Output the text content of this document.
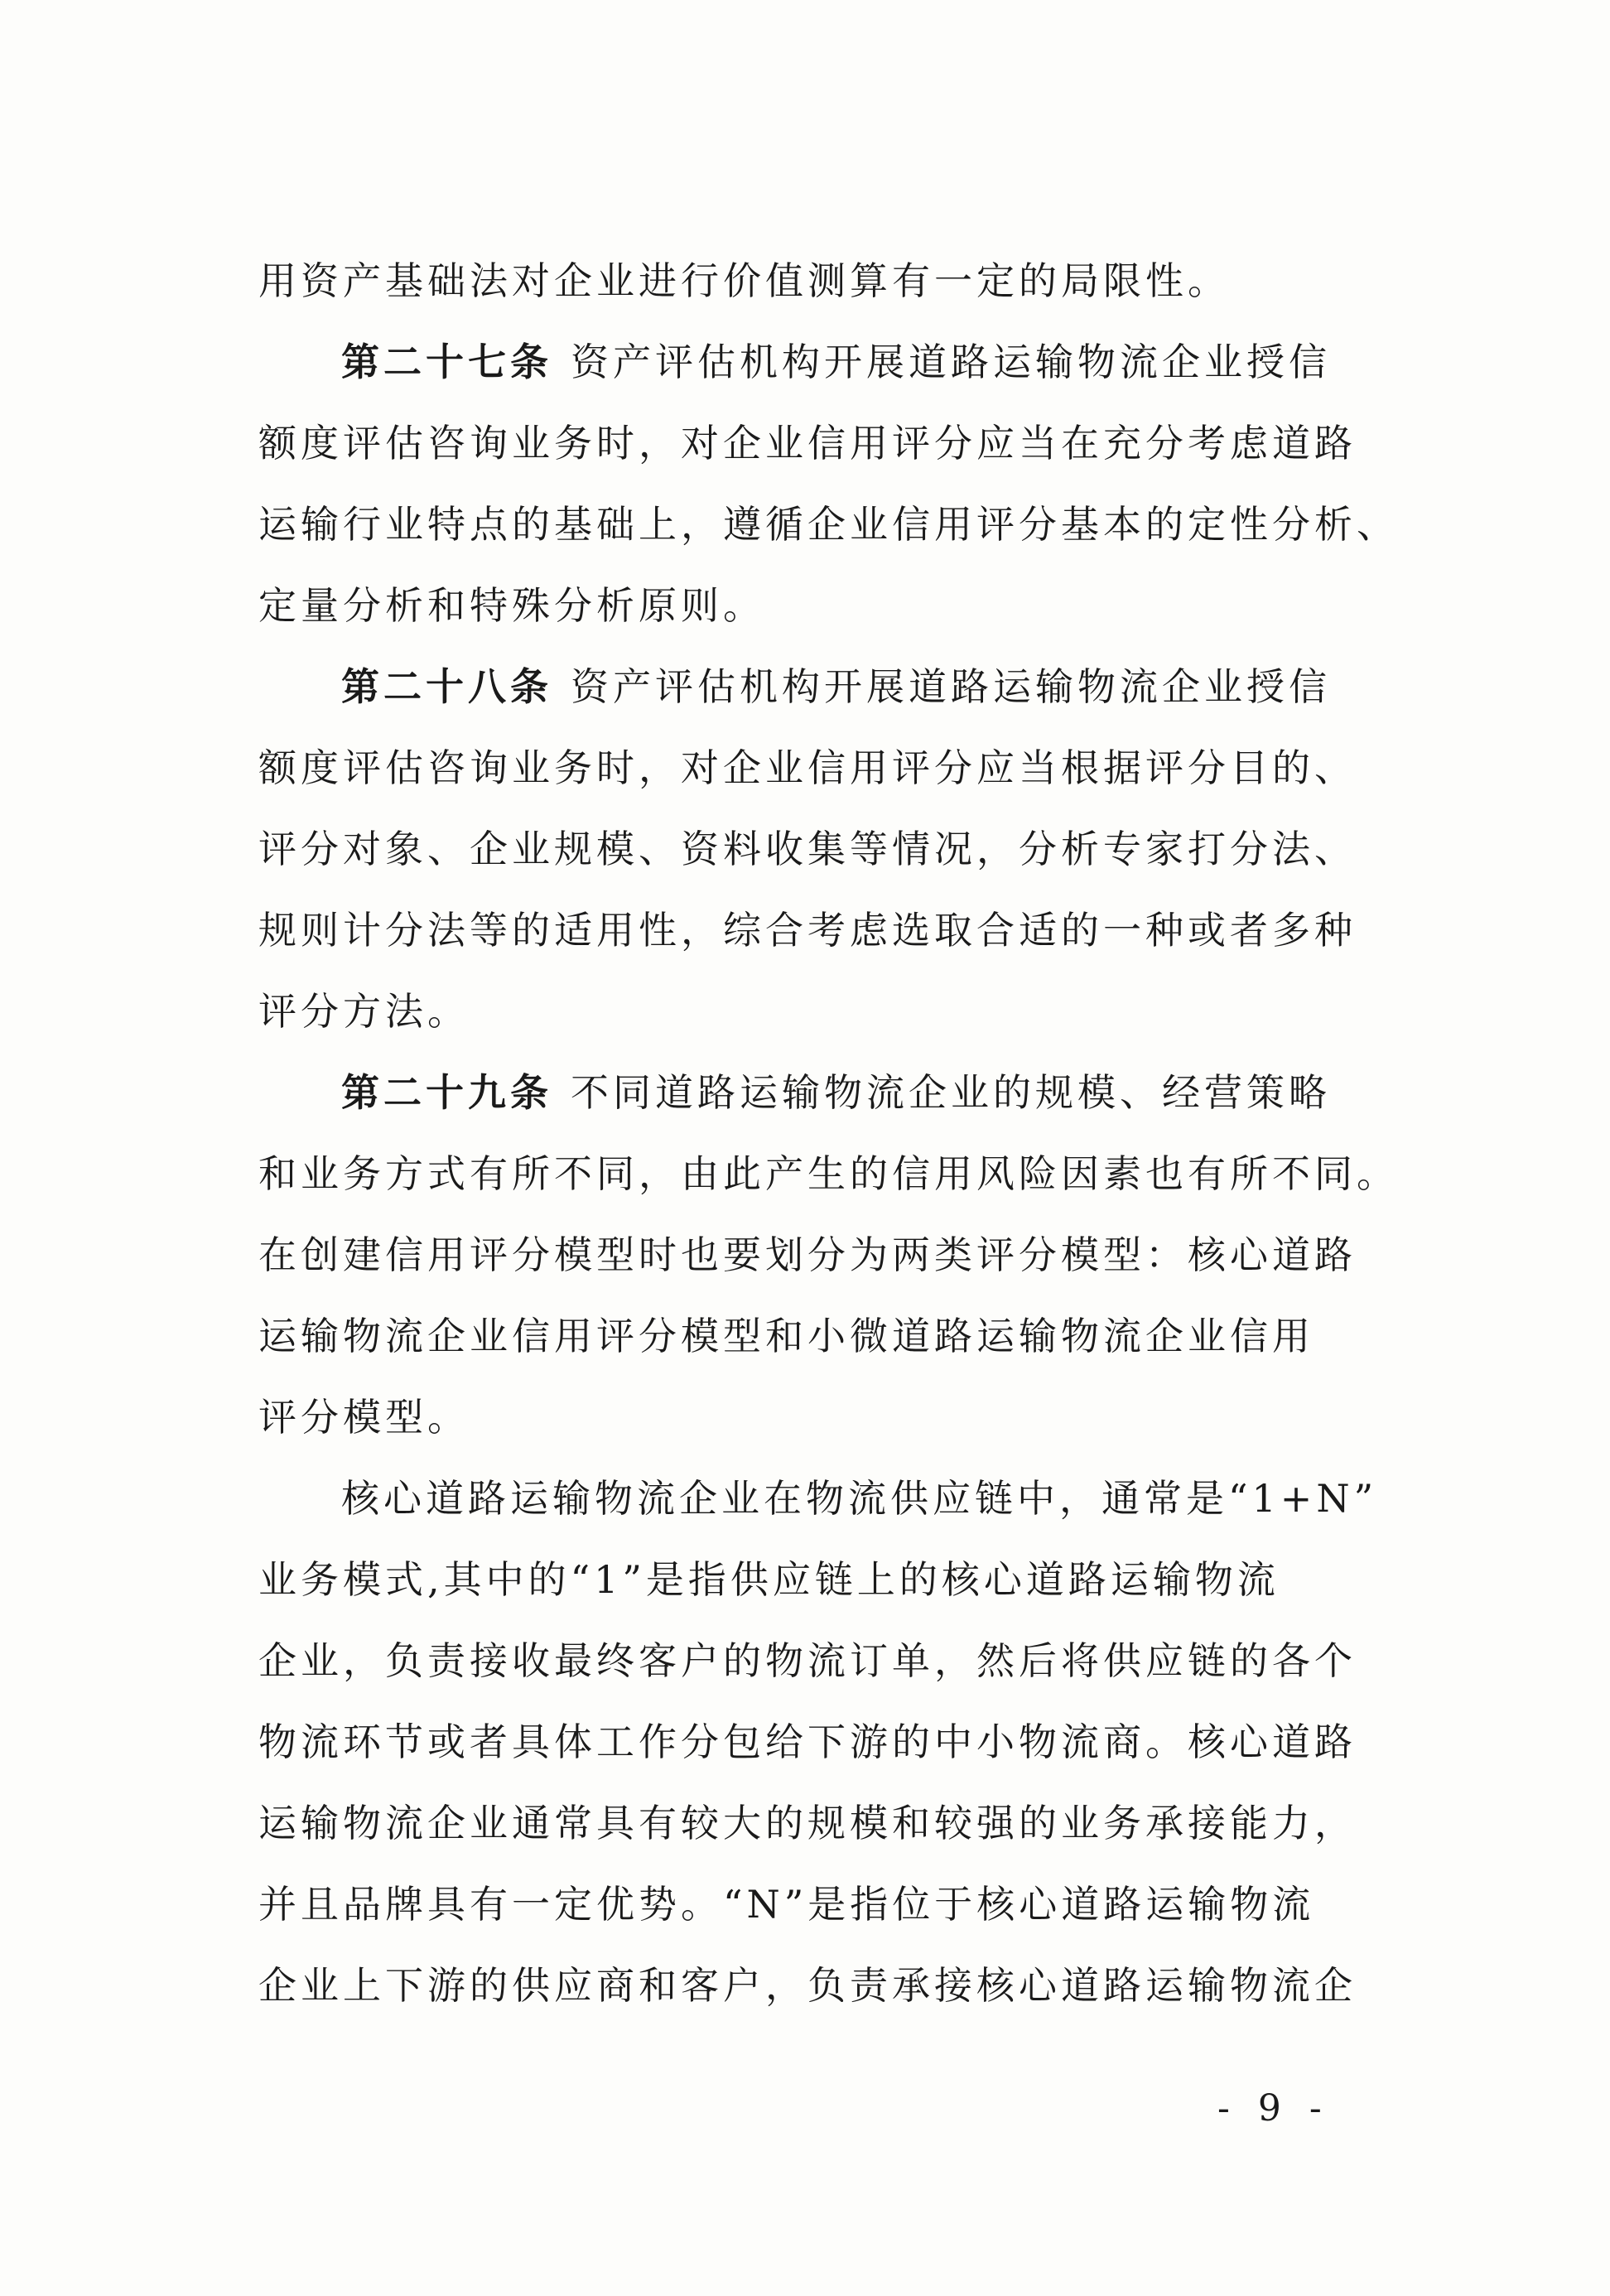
用资产基础法对企业进行价值测算有一定的局限性。
第二十七条 资产评估机构开展道路运输物流企业授信
额度评估咨询业务时，对企业信用评分应当在充分考虑道路
运输行业特点的基础上，遵循企业信用评分基本的定性分析、
定量分析和特殊分析原则。
第二十八条 资产评估机构开展道路运输物流企业授信
额度评估咨询业务时，对企业信用评分应当根据评分目的、
评分对象、企业规模、资料收集等情况，分析专家打分法、
规则计分法等的适用性，综合考虑选取合适的一种或者多种
评分方法。
第二十九条 不同道路运输物流企业的规模、经营策略
和业务方式有所不同，由此产生的信用风险因素也有所不同。
在创建信用评分模型时也要划分为两类评分模型：核心道路
运输物流企业信用评分模型和小微道路运输物流企业信用
评分模型。
核心道路运输物流企业在物流供应链中，通常是“1+N”
业务模式,其中的“1”是指供应链上的核心道路运输物流
企业，负责接收最终客户的物流订单，然后将供应链的各个
物流环节或者具体工作分包给下游的中小物流商。核心道路
运输物流企业通常具有较大的规模和较强的业务承接能力，
并且品牌具有一定优势。“N”是指位于核心道路运输物流
企业上下游的供应商和客户，负责承接核心道路运输物流企
- 9 -
